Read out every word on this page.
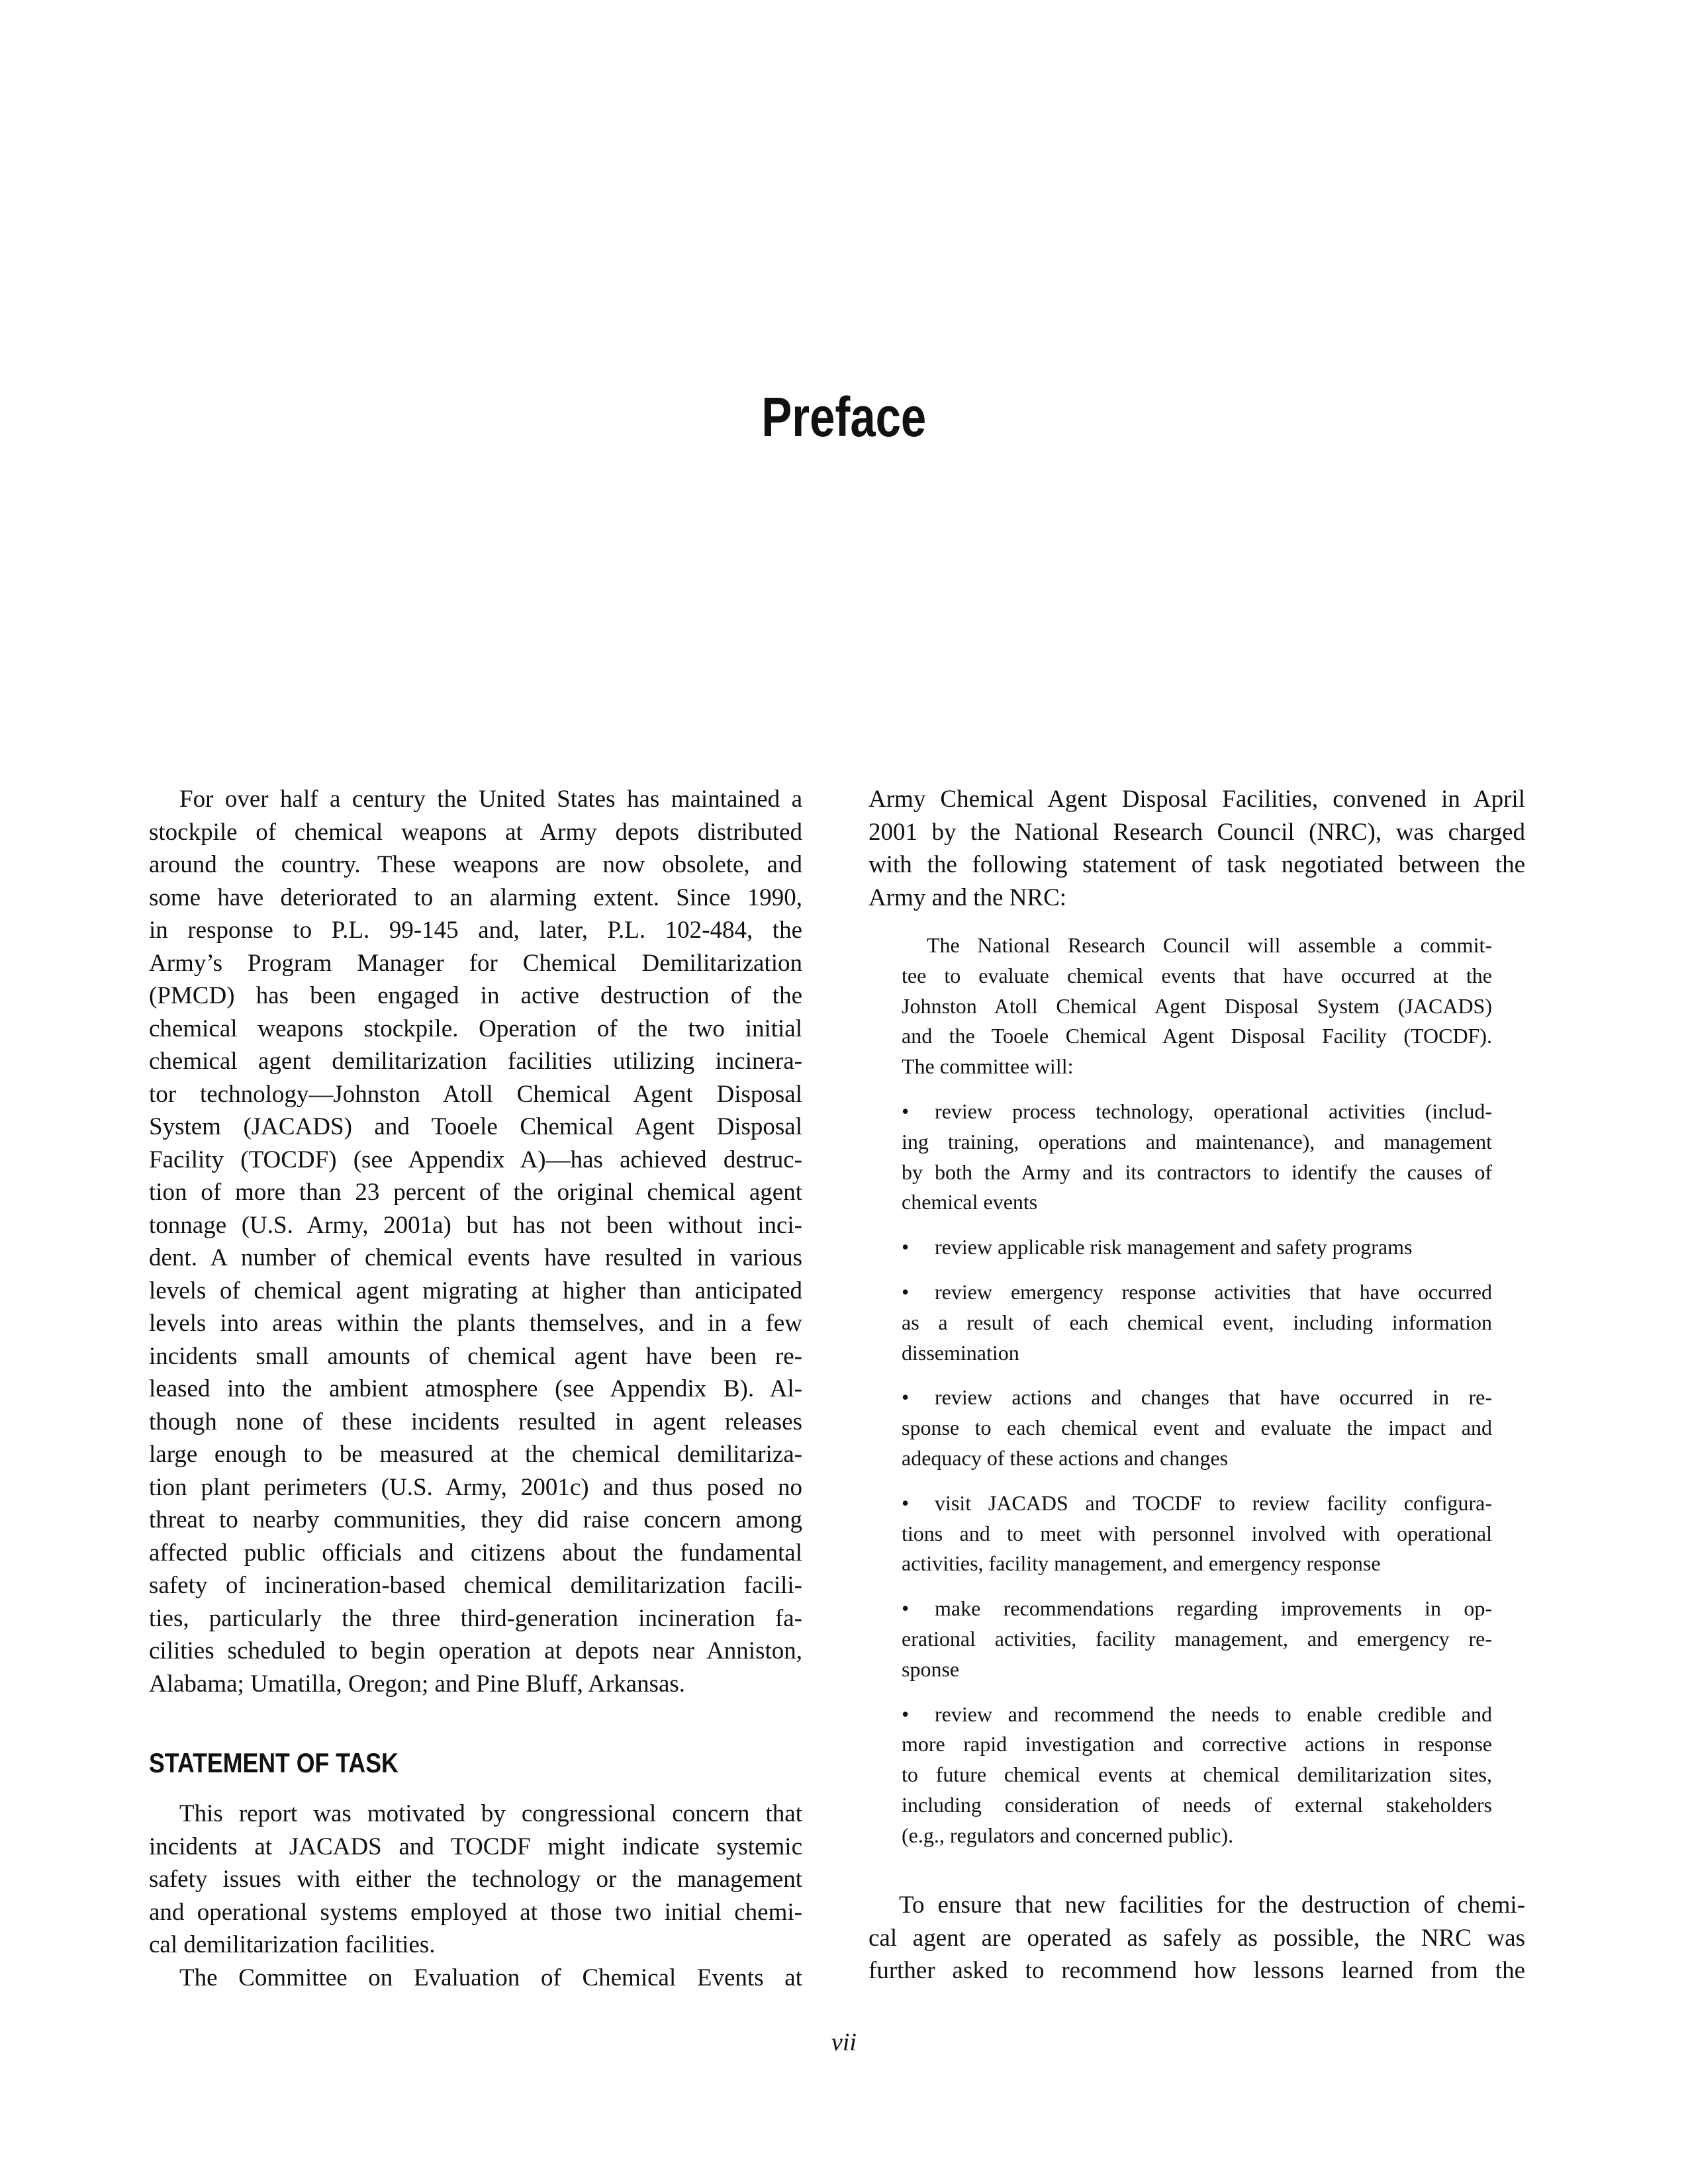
Preface
For over half a century the United States has maintained a
stockpile of chemical weapons at Army depots distributed
around the country. These weapons are now obsolete, and
some have deteriorated to an alarming extent. Since 1990,
in response to P.L. 99-145 and, later, P.L. 102-484, the
Army’s Program Manager for Chemical Demilitarization
(PMCD) has been engaged in active destruction of the
chemical weapons stockpile. Operation of the two initial
chemical agent demilitarization facilities utilizing incinera-
tor technology—Johnston Atoll Chemical Agent Disposal
System (JACADS) and Tooele Chemical Agent Disposal
Facility (TOCDF) (see Appendix A)—has achieved destruc-
tion of more than 23 percent of the original chemical agent
tonnage (U.S. Army, 2001a) but has not been without inci-
dent. A number of chemical events have resulted in various
levels of chemical agent migrating at higher than anticipated
levels into areas within the plants themselves, and in a few
incidents small amounts of chemical agent have been re-
leased into the ambient atmosphere (see Appendix B). Al-
though none of these incidents resulted in agent releases
large enough to be measured at the chemical demilitariza-
tion plant perimeters (U.S. Army, 2001c) and thus posed no
threat to nearby communities, they did raise concern among
affected public officials and citizens about the fundamental
safety of incineration-based chemical demilitarization facili-
ties, particularly the three third-generation incineration fa-
cilities scheduled to begin operation at depots near Anniston,
Alabama; Umatilla, Oregon; and Pine Bluff, Arkansas.
STATEMENT OF TASK
This report was motivated by congressional concern that
incidents at JACADS and TOCDF might indicate systemic
safety issues with either the technology or the management
and operational systems employed at those two initial chemi-
cal demilitarization facilities.
The Committee on Evaluation of Chemical Events at
Army Chemical Agent Disposal Facilities, convened in April
2001 by the National Research Council (NRC), was charged
with the following statement of task negotiated between the
Army and the NRC:
The National Research Council will assemble a commit-
tee to evaluate chemical events that have occurred at the
Johnston Atoll Chemical Agent Disposal System (JACADS)
and the Tooele Chemical Agent Disposal Facility (TOCDF).
The committee will:
• review process technology, operational activities (includ-
ing training, operations and maintenance), and management
by both the Army and its contractors to identify the causes of
chemical events
• review applicable risk management and safety programs
• review emergency response activities that have occurred
as a result of each chemical event, including information
dissemination
• review actions and changes that have occurred in re-
sponse to each chemical event and evaluate the impact and
adequacy of these actions and changes
• visit JACADS and TOCDF to review facility configura-
tions and to meet with personnel involved with operational
activities, facility management, and emergency response
• make recommendations regarding improvements in op-
erational activities, facility management, and emergency re-
sponse
• review and recommend the needs to enable credible and
more rapid investigation and corrective actions in response
to future chemical events at chemical demilitarization sites,
including consideration of needs of external stakeholders
(e.g., regulators and concerned public).
To ensure that new facilities for the destruction of chemi-
cal agent are operated as safely as possible, the NRC was
further asked to recommend how lessons learned from the
vii
